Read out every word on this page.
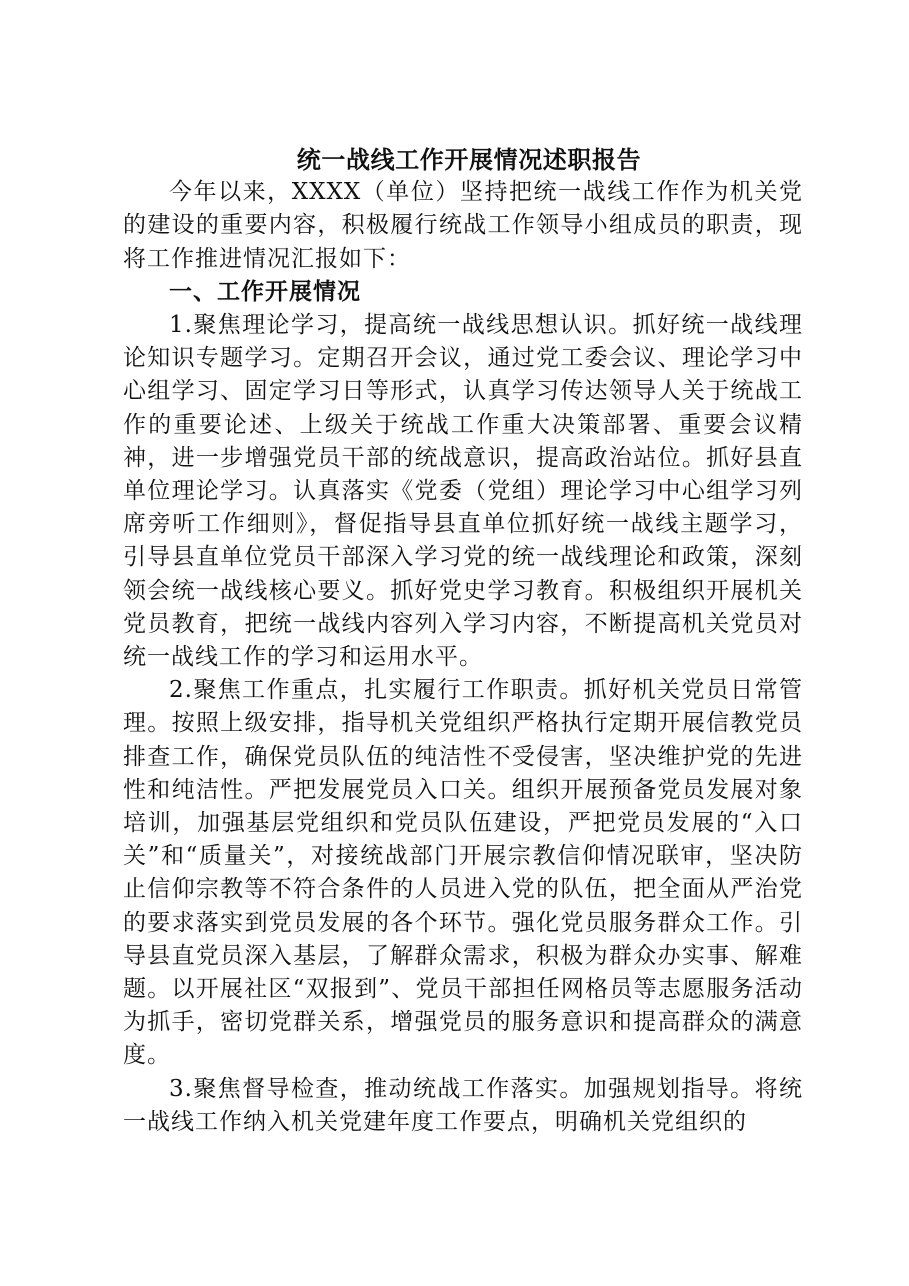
统一战线工作开展情况述职报告

今年以来，XXXX（单位）坚持把统一战线工作作为机关党的建设的重要内容，积极履行统战工作领导小组成员的职责，现将工作推进情况汇报如下：

一、工作开展情况

1.聚焦理论学习，提高统一战线思想认识。抓好统一战线理论知识专题学习。定期召开会议，通过党工委会议、理论学习中心组学习、固定学习日等形式，认真学习传达领导人关于统战工作的重要论述、上级关于统战工作重大决策部署、重要会议精神，进一步增强党员干部的统战意识，提高政治站位。抓好县直单位理论学习。认真落实《党委（党组）理论学习中心组学习列席旁听工作细则》，督促指导县直单位抓好统一战线主题学习，引导县直单位党员干部深入学习党的统一战线理论和政策，深刻领会统一战线核心要义。抓好党史学习教育。积极组织开展机关党员教育，把统一战线内容列入学习内容，不断提高机关党员对统一战线工作的学习和运用水平。

2.聚焦工作重点，扎实履行工作职责。抓好机关党员日常管理。按照上级安排，指导机关党组织严格执行定期开展信教党员排查工作，确保党员队伍的纯洁性不受侵害，坚决维护党的先进性和纯洁性。严把发展党员入口关。组织开展预备党员发展对象培训，加强基层党组织和党员队伍建设，严把党员发展的“入口关”和“质量关”，对接统战部门开展宗教信仰情况联审，坚决防止信仰宗教等不符合条件的人员进入党的队伍，把全面从严治党的要求落实到党员发展的各个环节。强化党员服务群众工作。引导县直党员深入基层，了解群众需求，积极为群众办实事、解难题。以开展社区“双报到”、党员干部担任网格员等志愿服务活动为抓手，密切党群关系，增强党员的服务意识和提高群众的满意度。

3.聚焦督导检查，推动统战工作落实。加强规划指导。将统一战线工作纳入机关党建年度工作要点，明确机关党组织的
